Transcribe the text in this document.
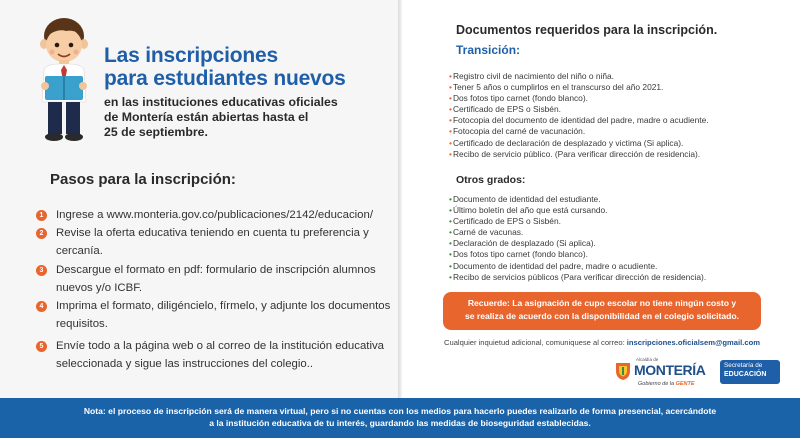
Las inscripciones
para estudiantes nuevos
en las instituciones educativas oficiales
de Montería están abiertas hasta el
25 de septiembre.
Pasos para la inscripción:
1	Ingrese a www.monteria.gov.co/publicaciones/2142/educacion/
2	Revise la oferta educativa teniendo en cuenta tu preferencia y cercanía.
3	Descargue el formato en pdf: formulario de inscripción alumnos nuevos y/o ICBF.
4	Imprima el formato, diligéncielo, fírmelo, y adjunte los documentos requisitos.
5	Envíe todo a la página web o al correo de la institución educativa seleccionada y sigue las instrucciones del colegio..
Documentos requeridos para la inscripción.
Transición:
•Registro civil de nacimiento del niño o niña.
•Tener 5 años o cumplirlos en el transcurso del año 2021.
•Dos fotos tipo carnet (fondo blanco).
•Certificado de EPS o Sisbén.
•Fotocopia del documento de identidad del padre, madre o acudiente.
•Fotocopia del carné de vacunación.
•Certificado de declaración de desplazado y victima (Si aplica).
•Recibo de servicio público. (Para verificar dirección de residencia).
Otros grados:
•Documento de identidad del estudiante.
•Último boletín del año que está cursando.
•Certificado de EPS o Sisbén.
•Carné de vacunas.
•Declaración de desplazado (Si aplica).
•Dos fotos tipo carnet (fondo blanco).
•Documento de identidad del padre, madre o acudiente.
•Recibo de servicios públicos (Para verificar dirección de residencia).
Recuerde: La asignación de cupo escolar no tiene ningún costo y
se realiza de acuerdo con la disponibilidad en el colegio solicitado.
Cualquier inquietud adicional, comuniquese al correo: inscripciones.oficialsem@gmail.com
Alcaldía de
MONTERÍA
Gobierno de la GENTE
Secretaría de
EDUCACIÓN
Nota: el proceso de inscripción será de manera virtual, pero si no cuentas con los medios para hacerlo puedes realizarlo de forma presencial, acercándote
a la institución educativa de tu interés, guardando las medidas de bioseguridad establecidas.
